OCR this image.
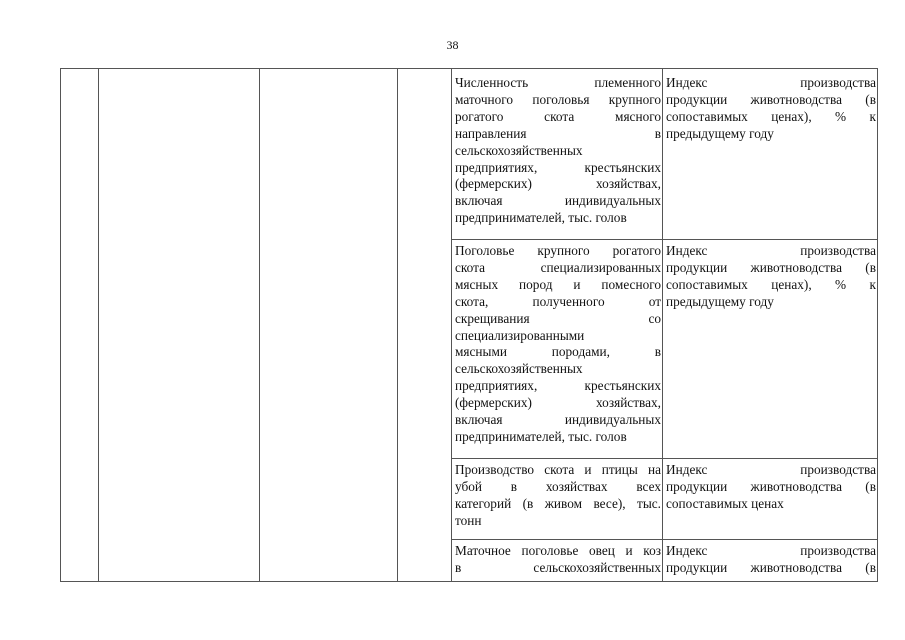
38
Численность племенного
маточного поголовья крупного
рогатого скота мясного
направления в
сельскохозяйственных
предприятиях, крестьянских
(фермерских) хозяйствах,
включая индивидуальных
предпринимателей, тыс. голов
Индекс производства
продукции животноводства (в
сопоставимых ценах), % к
предыдущему году
Поголовье крупного рогатого
скота специализированных
мясных пород и помесного
скота, полученного от
скрещивания со
специализированными
мясными породами, в
сельскохозяйственных
предприятиях, крестьянских
(фермерских) хозяйствах,
включая индивидуальных
предпринимателей, тыс. голов
Индекс производства
продукции животноводства (в
сопоставимых ценах), % к
предыдущему году
Производство скота и птицы на
убой в хозяйствах всех
категорий (в живом весе), тыс.
тонн
Индекс производства
продукции животноводства (в
сопоставимых ценах
Маточное поголовье овец и коз
в сельскохозяйственных
Индекс производства
продукции животноводства (в
